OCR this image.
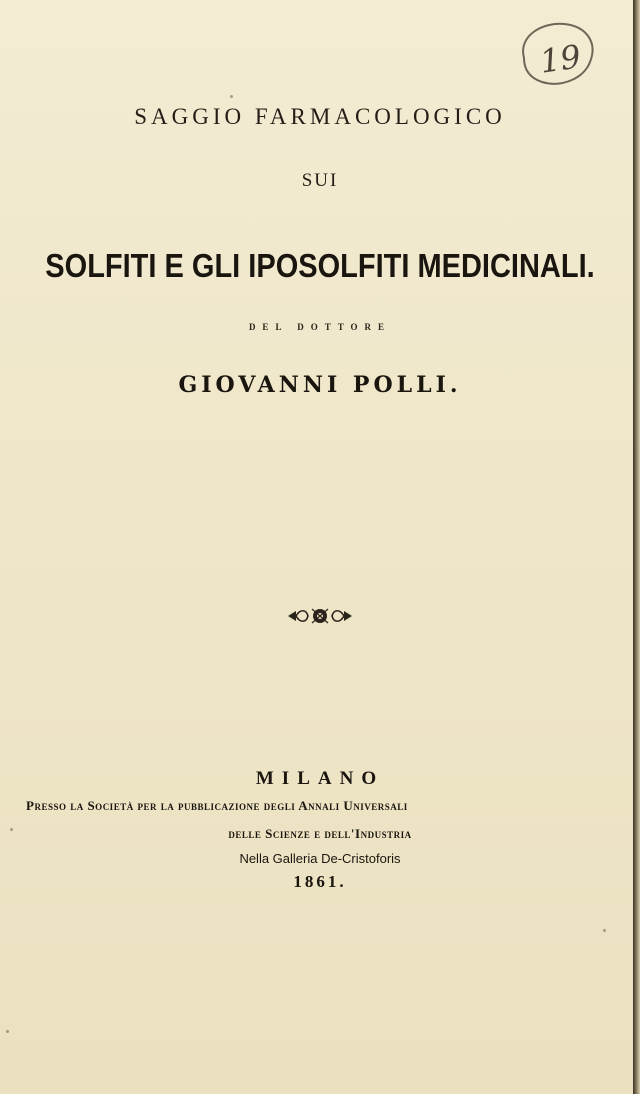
19
SAGGIO FARMACOLOGICO
SUI
SOLFITI E GLI IPOSOLFITI MEDICINALI.
DEL DOTTORE
GIOVANNI POLLI.
MILANO
Presso la Società per la pubblicazione degli Annali Universali
delle Scienze e dell'Industria
Nella Galleria De-Cristoforis
1861.
